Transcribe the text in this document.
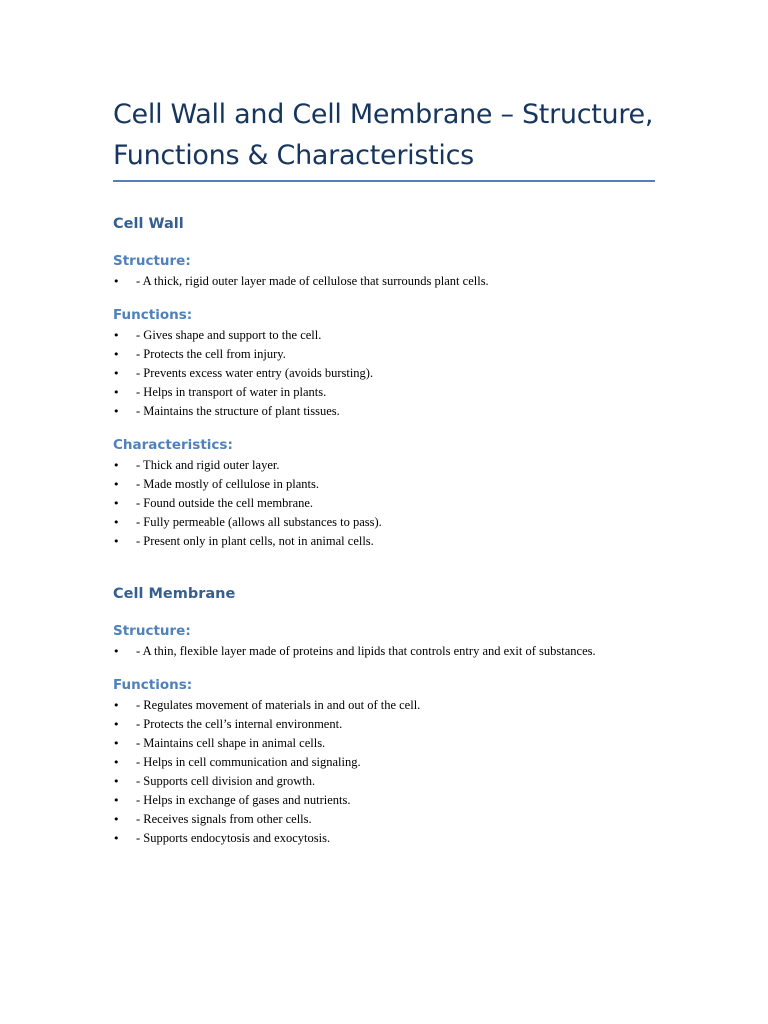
Cell Wall and Cell Membrane – Structure, Functions & Characteristics
Cell Wall
Structure:
• - A thick, rigid outer layer made of cellulose that surrounds plant cells.
Functions:
• - Gives shape and support to the cell.
• - Protects the cell from injury.
• - Prevents excess water entry (avoids bursting).
• - Helps in transport of water in plants.
• - Maintains the structure of plant tissues.
Characteristics:
• - Thick and rigid outer layer.
• - Made mostly of cellulose in plants.
• - Found outside the cell membrane.
• - Fully permeable (allows all substances to pass).
• - Present only in plant cells, not in animal cells.
Cell Membrane
Structure:
• - A thin, flexible layer made of proteins and lipids that controls entry and exit of substances.
Functions:
• - Regulates movement of materials in and out of the cell.
• - Protects the cell’s internal environment.
• - Maintains cell shape in animal cells.
• - Helps in cell communication and signaling.
• - Supports cell division and growth.
• - Helps in exchange of gases and nutrients.
• - Receives signals from other cells.
• - Supports endocytosis and exocytosis.
